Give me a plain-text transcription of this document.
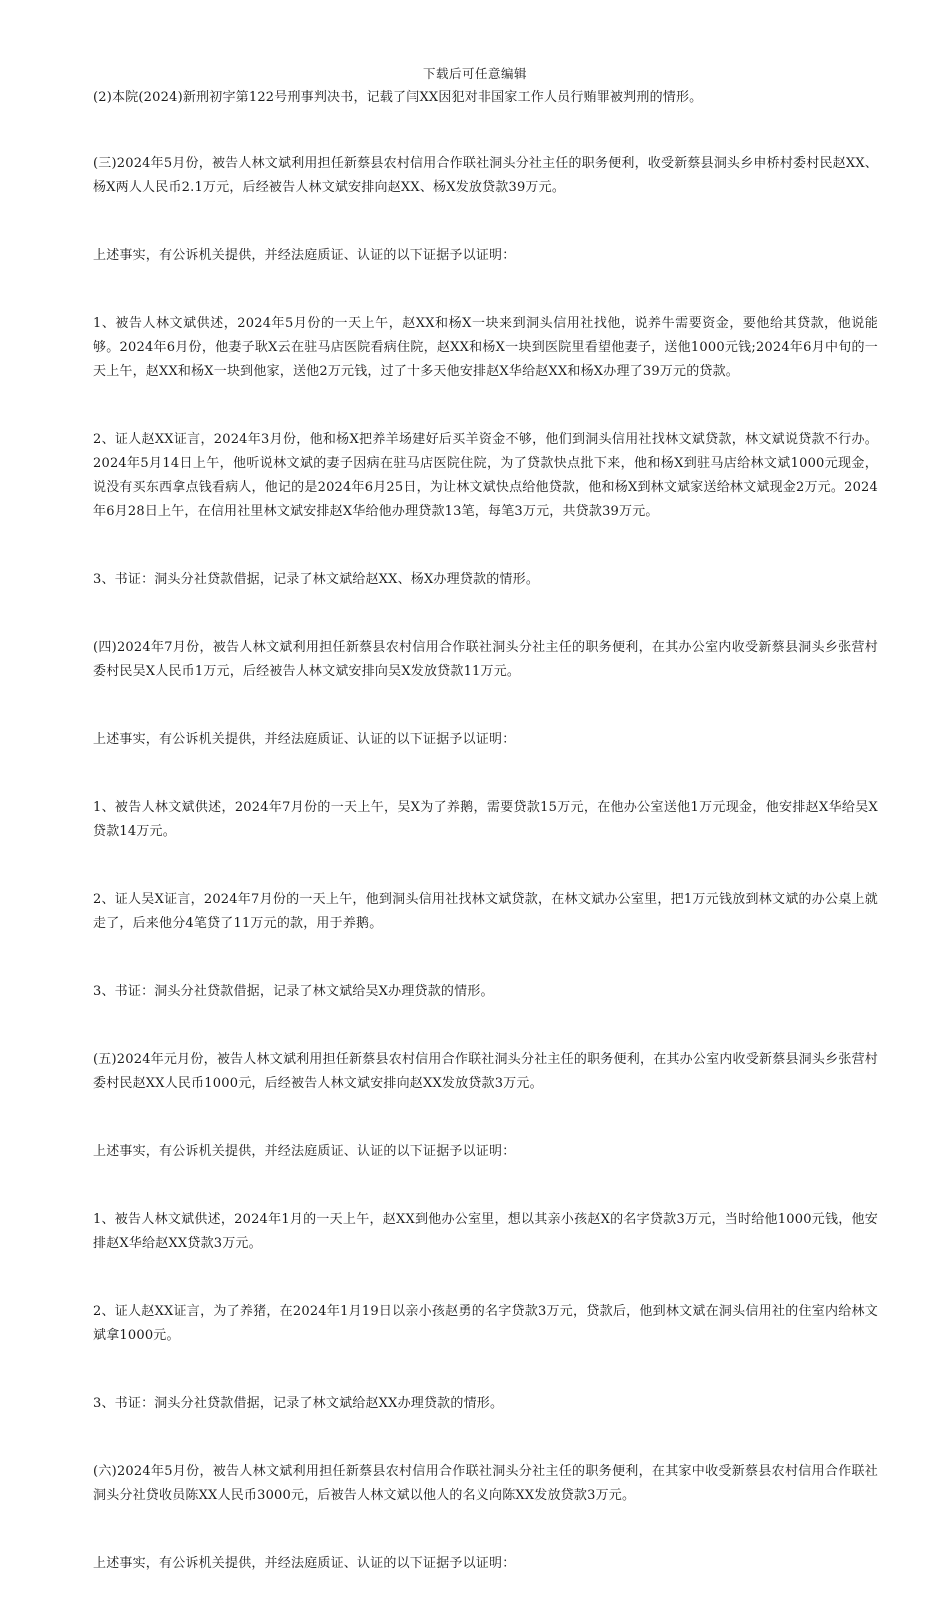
下载后可任意编辑

(2)本院(2024)新刑初字第122号刑事判决书，记载了闫XX因犯对非国家工作人员行贿罪被判刑的情形。

(三)2024年5月份，被告人林文斌利用担任新蔡县农村信用合作联社洞头分社主任的职务便利，收受新蔡县洞头乡申桥村委村民赵XX、杨X两人人民币2.1万元，后经被告人林文斌安排向赵XX、杨X发放贷款39万元。

上述事实，有公诉机关提供，并经法庭质证、认证的以下证据予以证明：

1、被告人林文斌供述，2024年5月份的一天上午，赵XX和杨X一块来到洞头信用社找他，说养牛需要资金，要他给其贷款，他说能够。2024年6月份，他妻子耿X云在驻马店医院看病住院，赵XX和杨X一块到医院里看望他妻子，送他1000元钱;2024年6月中旬的一天上午，赵XX和杨X一块到他家，送他2万元钱，过了十多天他安排赵X华给赵XX和杨X办理了39万元的贷款。

2、证人赵XX证言，2024年3月份，他和杨X把养羊场建好后买羊资金不够，他们到洞头信用社找林文斌贷款，林文斌说贷款不行办。2024年5月14日上午，他听说林文斌的妻子因病在驻马店医院住院，为了贷款快点批下来，他和杨X到驻马店给林文斌1000元现金，说没有买东西拿点钱看病人，他记的是2024年6月25日，为让林文斌快点给他贷款，他和杨X到林文斌家送给林文斌现金2万元。2024年6月28日上午，在信用社里林文斌安排赵X华给他办理贷款13笔，每笔3万元，共贷款39万元。

3、书证：洞头分社贷款借据，记录了林文斌给赵XX、杨X办理贷款的情形。

(四)2024年7月份，被告人林文斌利用担任新蔡县农村信用合作联社洞头分社主任的职务便利，在其办公室内收受新蔡县洞头乡张营村委村民吴X人民币1万元，后经被告人林文斌安排向吴X发放贷款11万元。

上述事实，有公诉机关提供，并经法庭质证、认证的以下证据予以证明：

1、被告人林文斌供述，2024年7月份的一天上午，吴X为了养鹅，需要贷款15万元，在他办公室送他1万元现金，他安排赵X华给吴X贷款14万元。

2、证人吴X证言，2024年7月份的一天上午，他到洞头信用社找林文斌贷款，在林文斌办公室里，把1万元钱放到林文斌的办公桌上就走了，后来他分4笔贷了11万元的款，用于养鹅。

3、书证：洞头分社贷款借据，记录了林文斌给吴X办理贷款的情形。

(五)2024年元月份，被告人林文斌利用担任新蔡县农村信用合作联社洞头分社主任的职务便利，在其办公室内收受新蔡县洞头乡张营村委村民赵XX人民币1000元，后经被告人林文斌安排向赵XX发放贷款3万元。

上述事实，有公诉机关提供，并经法庭质证、认证的以下证据予以证明：

1、被告人林文斌供述，2024年1月的一天上午，赵XX到他办公室里，想以其亲小孩赵X的名字贷款3万元，当时给他1000元钱，他安排赵X华给赵XX贷款3万元。

2、证人赵XX证言，为了养猪，在2024年1月19日以亲小孩赵勇的名字贷款3万元，贷款后，他到林文斌在洞头信用社的住室内给林文斌拿1000元。

3、书证：洞头分社贷款借据，记录了林文斌给赵XX办理贷款的情形。

(六)2024年5月份，被告人林文斌利用担任新蔡县农村信用合作联社洞头分社主任的职务便利，在其家中收受新蔡县农村信用合作联社洞头分社贷收员陈XX人民币3000元，后被告人林文斌以他人的名义向陈XX发放贷款3万元。

上述事实，有公诉机关提供，并经法庭质证、认证的以下证据予以证明：
